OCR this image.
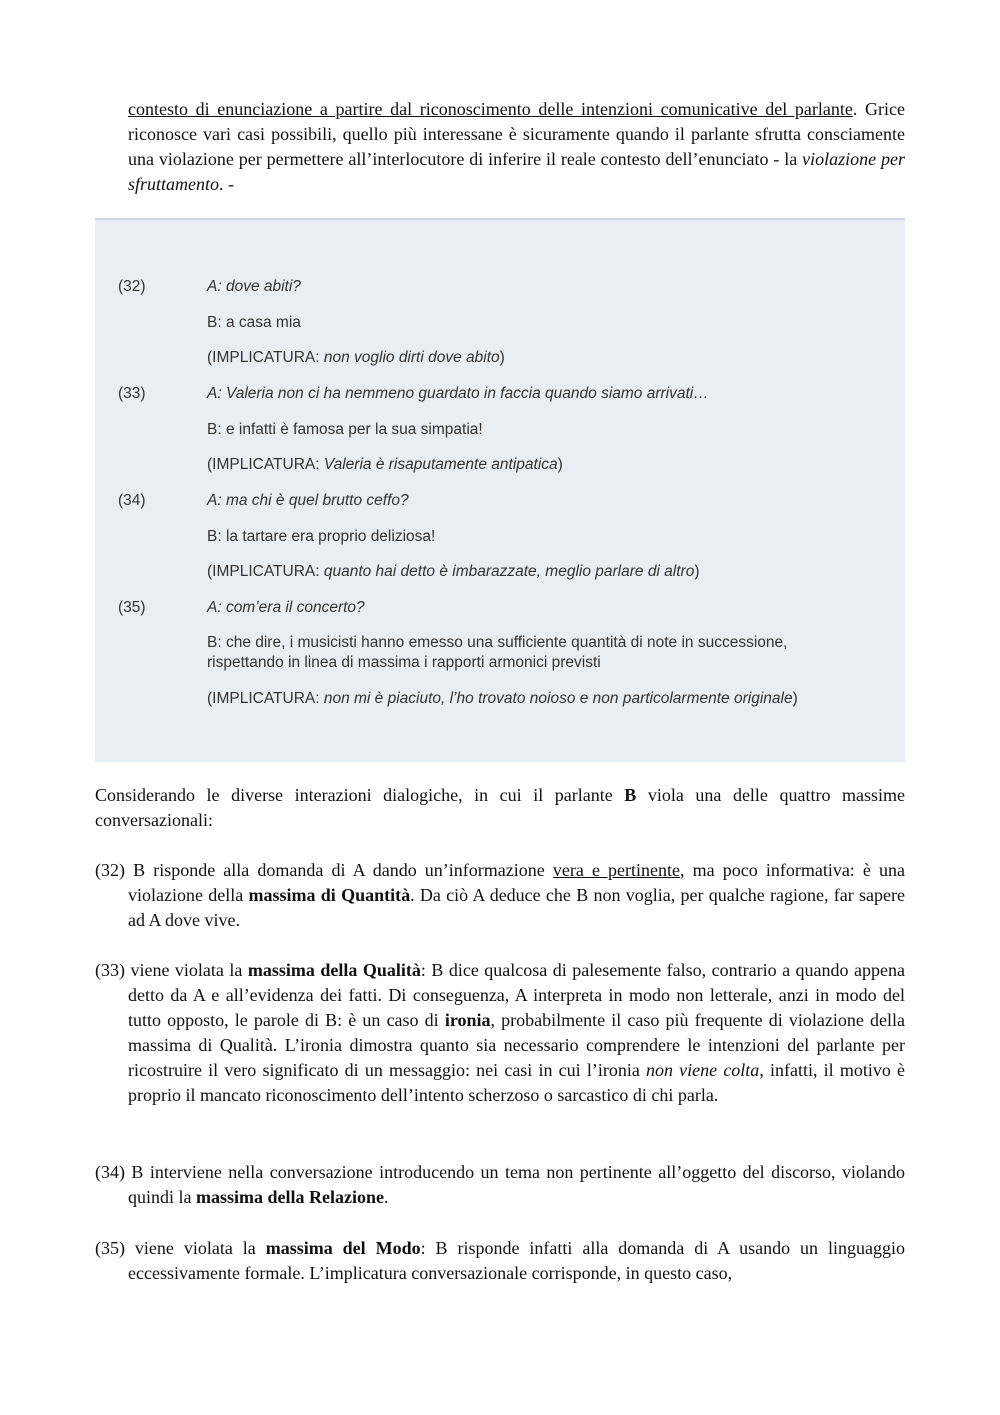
contesto di enunciazione a partire dal riconoscimento delle intenzioni comunicative del parlante. Grice riconosce vari casi possibili, quello più interessane è sicuramente quando il parlante sfrutta consciamente una violazione per permettere all’interlocutore di inferire il reale contesto dell’enunciato - la violazione per sfruttamento. -

(32)	A: dove abiti?
B: a casa mia
(IMPLICATURA: non voglio dirti dove abito)
(33)	A: Valeria non ci ha nemmeno guardato in faccia quando siamo arrivati…
B: e infatti è famosa per la sua simpatia!
(IMPLICATURA: Valeria è risaputamente antipatica)
(34)	A: ma chi è quel brutto ceffo?
B: la tartare era proprio deliziosa!
(IMPLICATURA: quanto hai detto è imbarazzate, meglio parlare di altro)
(35)	A: com’era il concerto?
B: che dire, i musicisti hanno emesso una sufficiente quantità di note in successione,
rispettando in linea di massima i rapporti armonici previsti
(IMPLICATURA: non mi è piaciuto, l’ho trovato noioso e non particolarmente originale)

Considerando le diverse interazioni dialogiche, in cui il parlante B viola una delle quattro massime conversazionali:

(32) B risponde alla domanda di A dando un’informazione vera e pertinente, ma poco informativa: è una violazione della massima di Quantità. Da ciò A deduce che B non voglia, per qualche ragione, far sapere ad A dove vive.

(33) viene violata la massima della Qualità: B dice qualcosa di palesemente falso, contrario a quando appena detto da A e all’evidenza dei fatti. Di conseguenza, A interpreta in modo non letterale, anzi in modo del tutto opposto, le parole di B: è un caso di ironia, probabilmente il caso più frequente di violazione della massima di Qualità. L’ironia dimostra quanto sia necessario comprendere le intenzioni del parlante per ricostruire il vero significato di un messaggio: nei casi in cui l’ironia non viene colta, infatti, il motivo è proprio il mancato riconoscimento dell’intento scherzoso o sarcastico di chi parla.

(34) B interviene nella conversazione introducendo un tema non pertinente all’oggetto del discorso, violando quindi la massima della Relazione.

(35) viene violata la massima del Modo: B risponde infatti alla domanda di A usando un linguaggio eccessivamente formale. L’implicatura conversazionale corrisponde, in questo caso,
